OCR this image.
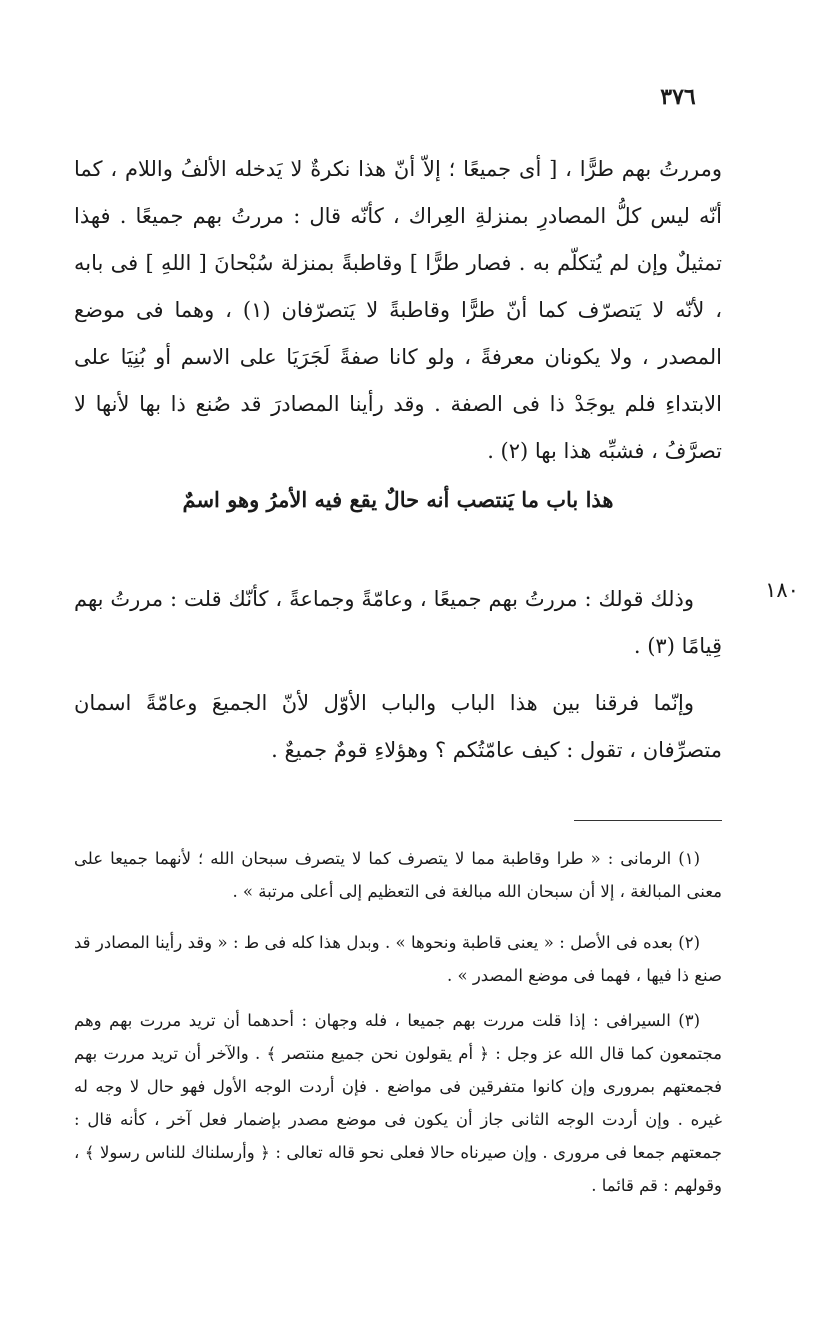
٣٧٦

ومررتُ بهم طرًّا ، [ أى جميعًا ؛ إلاّ أنّ هذا نكرةٌ لا يَدخله الألفُ واللام ، كما أنّه ليس كلُّ المصادرِ بمنزلةِ العِراك ، كأنّه قال : مررتُ بهم جميعًا . فهذا تمثيلٌ وإن لم يُتكلّم به . فصار طرًّا ] وقاطبةً بمنزلة سُبْحانَ [ اللهِ ] فى بابه ، لأنّه لا يَتصرّف كما أنّ طرًّا وقاطبةً لا يَتصرّفان (١) ، وهما فى موضع المصدر ، ولا يكونان معرفةً ، ولو كانا صفةً لَجَرَيَا على الاسم أو بُنِيَا على الابتداءِ فلم يوجَدْ ذا فى الصفة . وقد رأينا المصادرَ قد صُنع ذا بها لأنها لا تصرَّفُ ، فشبِّه هذا بها (٢) .

هذا باب ما يَنتصب أنه حالٌ يقع فيه الأمرُ وهو اسمٌ
١٨٠

وذلك قولك : مررتُ بهم جميعًا ، وعامّةً وجماعةً ، كأنّك قلت : مررتُ بهم قِيامًا (٣) .

وإنّما فرقنا بين هذا الباب والباب الأوّل لأنّ الجميعَ وعامّةً اسمان متصرِّفان ، تقول : كيف عامّتُكم ؟ وهؤلاءِ قومٌ جميعٌ .

(١) الرمانى : « طرا وقاطبة مما لا يتصرف كما لا يتصرف سبحان الله ؛ لأنهما جميعا على معنى المبالغة ، إلا أن سبحان الله مبالغة فى التعظيم إلى أعلى مرتبة » .

(٢) بعده فى الأصل : « يعنى قاطبة ونحوها » . وبدل هذا كله فى ط : « وقد رأينا المصادر قد صنع ذا فيها ، فهما فى موضع المصدر » .

(٣) السيرافى : إذا قلت مررت بهم جميعا ، فله وجهان : أحدهما أن تريد مررت بهم وهم مجتمعون كما قال الله عز وجل : ﴿ أم يقولون نحن جميع منتصر ﴾ . والآخر أن تريد مررت بهم فجمعتهم بمرورى وإن كانوا متفرقين فى مواضع . فإن أردت الوجه الأول فهو حال لا وجه له غيره . وإن أردت الوجه الثانى جاز أن يكون فى موضع مصدر بإضمار فعل آخر ، كأنه قال : جمعتهم جمعا فى مرورى . وإن صيرناه حالا فعلى نحو قاله تعالى : ﴿ وأرسلناك للناس رسولا ﴾ ، وقولهم : قم قائما .
